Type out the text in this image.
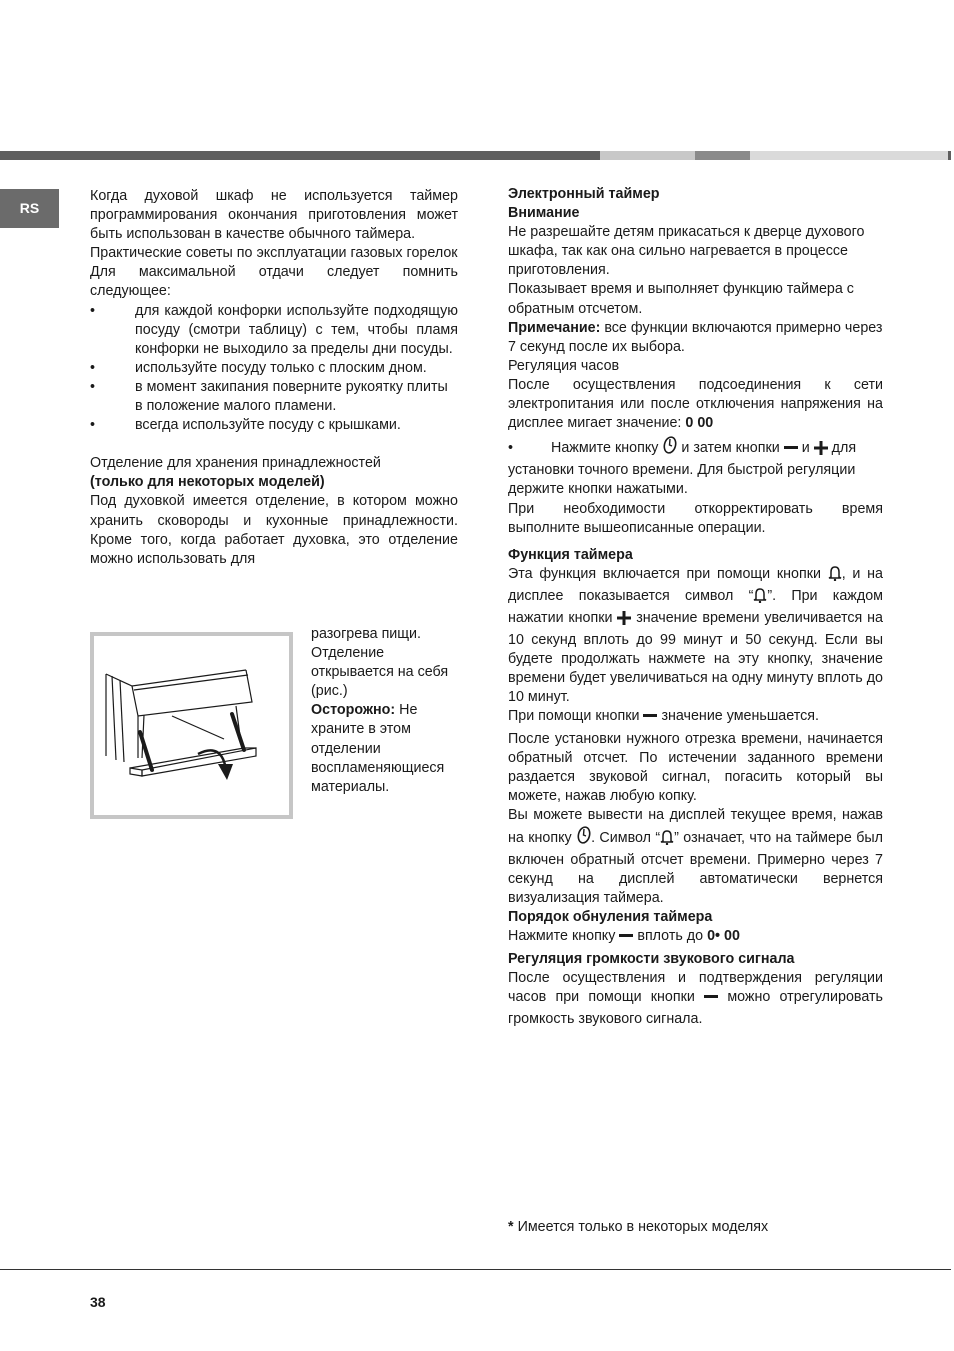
RS

Когда духовой шкаф не используется таймер программирования окончания приготовления может быть использован в качестве обычного таймера.

Практические советы по эксплуатации газовых горелок

Для максимальной отдачи следует помнить следующее:

•	для каждой конфорки используйте подходящую посуду (смотри таблицу) с тем, чтобы пламя конфорки не выходило за пределы дни посуды.
•	используйте посуду только с плоским дном.
•	в момент закипания поверните рукоятку плиты в положение малого пламени.
•	всегда используйте посуду с крышками.

Отделение для хранения принадлежностей

(только для некоторых моделей)

Под духовкой имеется отделение, в котором можно хранить сковороды и кухонные принадлежности. Кроме того, когда работает духовка, это отделение можно использовать для

разогрева пищи. Отделение открывается на себя (рис.)

Осторожно: Не храните в этом отделении воспламеняющиеся материалы.

Электронный таймер

Внимание

Не разрешайте детям прикасаться к дверце духового шкафа, так как она сильно нагревается в процессе приготовления.

Показывает время и выполняет функцию таймера с обратным отсчетом.

Примечание: все функции включаются примерно через 7 секунд после их выбора.

Регуляция часов

После осуществления подсоединения к сети электропитания или после отключения напряжения на дисплее мигает значение: 0 00

•	Нажмите кнопку и затем кнопки и для установки точного времени. Для быстрой регуляции держите кнопки нажатыми.

При необходимости откорректировать время выполните вышеописанные операции.

Функция таймера

Эта функция включается при помощи кнопки , и на дисплее показывается символ “ ”. При каждом нажатии кнопки значение времени увеличивается на 10 секунд вплоть до 99 минут и 50 секунд. Если вы будете продолжать нажмете на эту кнопку, значение времени будет увеличиваться на одну минуту вплоть до 10 минут.

При помощи кнопки значение уменьшается.

После установки нужного отрезка времени, начинается обратный отсчет. По истечении заданного времени раздается звуковой сигнал, погасить который вы можете, нажав любую копку.

Вы можете вывести на дисплей текущее время, нажав на кнопку . Символ “ ” означает, что на таймере был включен обратный отсчет времени. Примерно через 7 секунд на дисплей автоматически вернется визуализация таймера.

Порядок обнуления таймера

Нажмите кнопку вплоть до 0• 00

Регуляция громкости звукового сигнала

После осуществления и подтверждения регуляции часов при помощи кнопки можно отрегулировать громкость звукового сигнала.

* Имеется только в некоторых моделях
38
